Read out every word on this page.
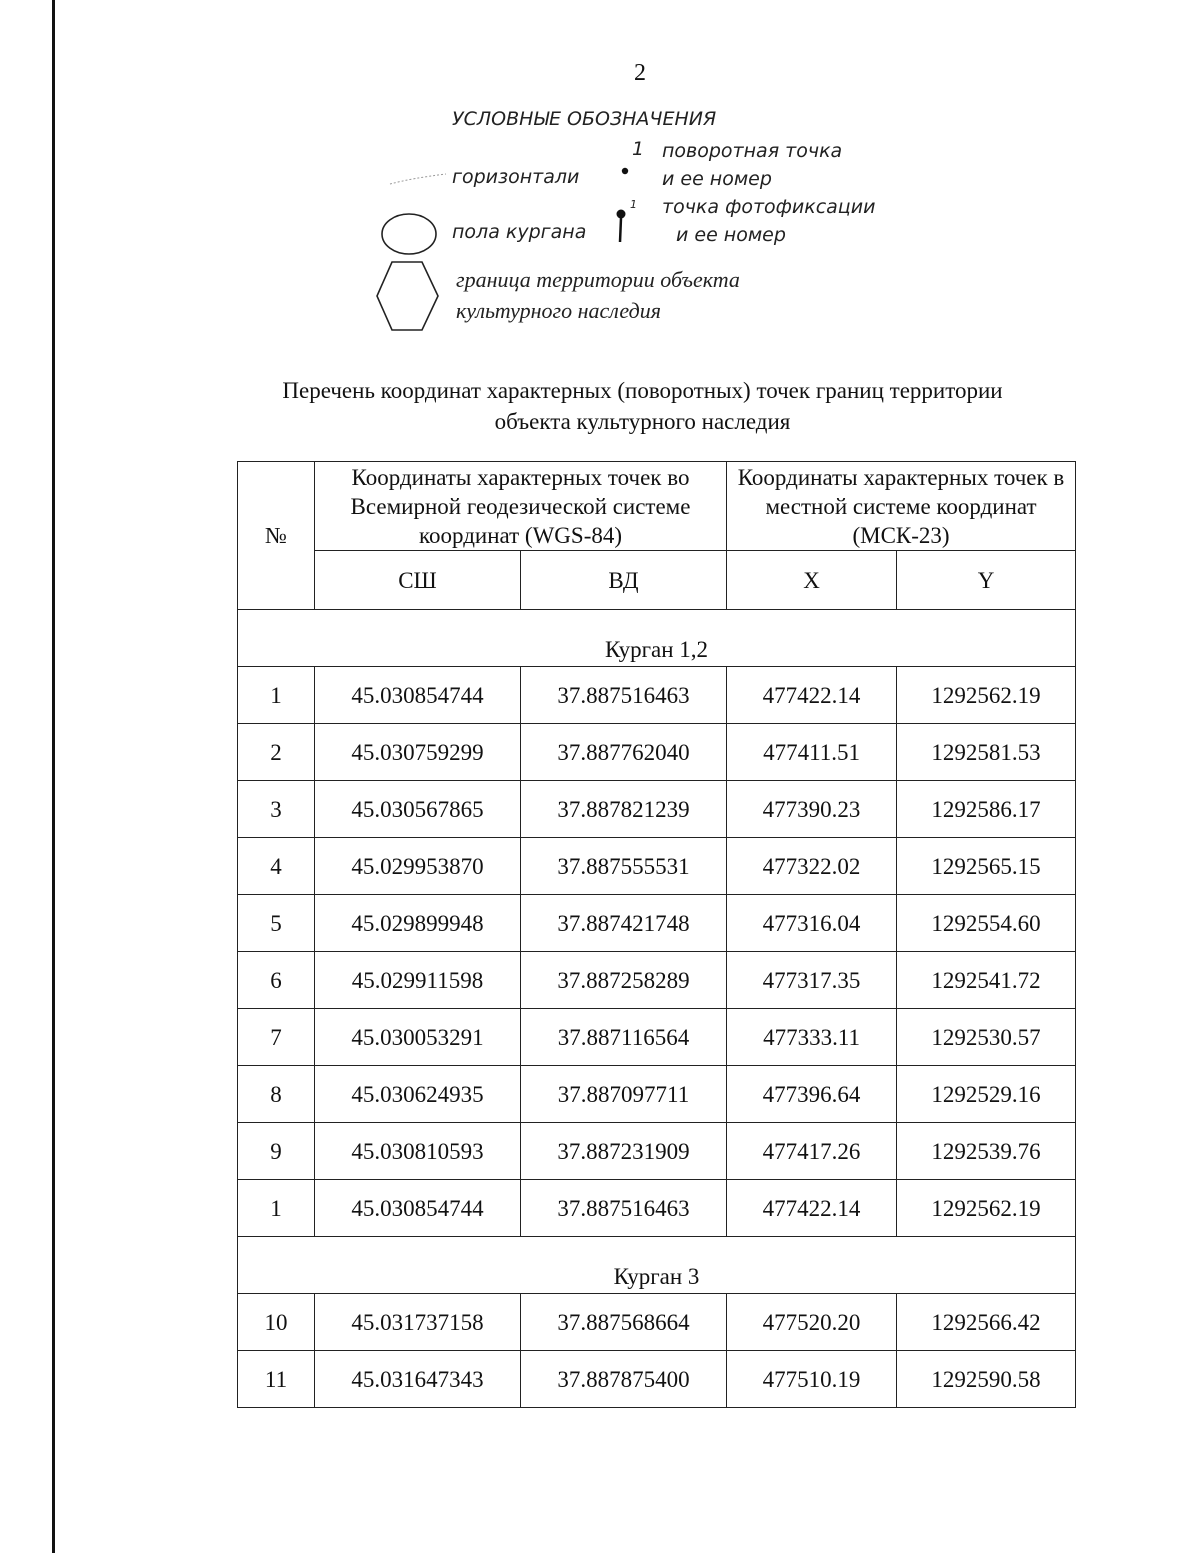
2
УСЛОВНЫЕ ОБОЗНАЧЕНИЯ
горизонтали
пола кургана
1 поворотная точка
и ее номер
1 точка фотофиксации
и ее номер
граница территории объекта
культурного наследия
Перечень координат характерных (поворотных) точек границ территории
объекта культурного наследия
№	Координаты характерных точек во Всемирной геодезической системе координат (WGS-84)		Координаты характерных точек в местной системе координат (МСК-23)	
	СШ	ВД	X	Y
Курган 1,2				
1	45.030854744	37.887516463	477422.14	1292562.19
2	45.030759299	37.887762040	477411.51	1292581.53
3	45.030567865	37.887821239	477390.23	1292586.17
4	45.029953870	37.887555531	477322.02	1292565.15
5	45.029899948	37.887421748	477316.04	1292554.60
6	45.029911598	37.887258289	477317.35	1292541.72
7	45.030053291	37.887116564	477333.11	1292530.57
8	45.030624935	37.887097711	477396.64	1292529.16
9	45.030810593	37.887231909	477417.26	1292539.76
1	45.030854744	37.887516463	477422.14	1292562.19
Курган 3				
10	45.031737158	37.887568664	477520.20	1292566.42
11	45.031647343	37.887875400	477510.19	1292590.58
